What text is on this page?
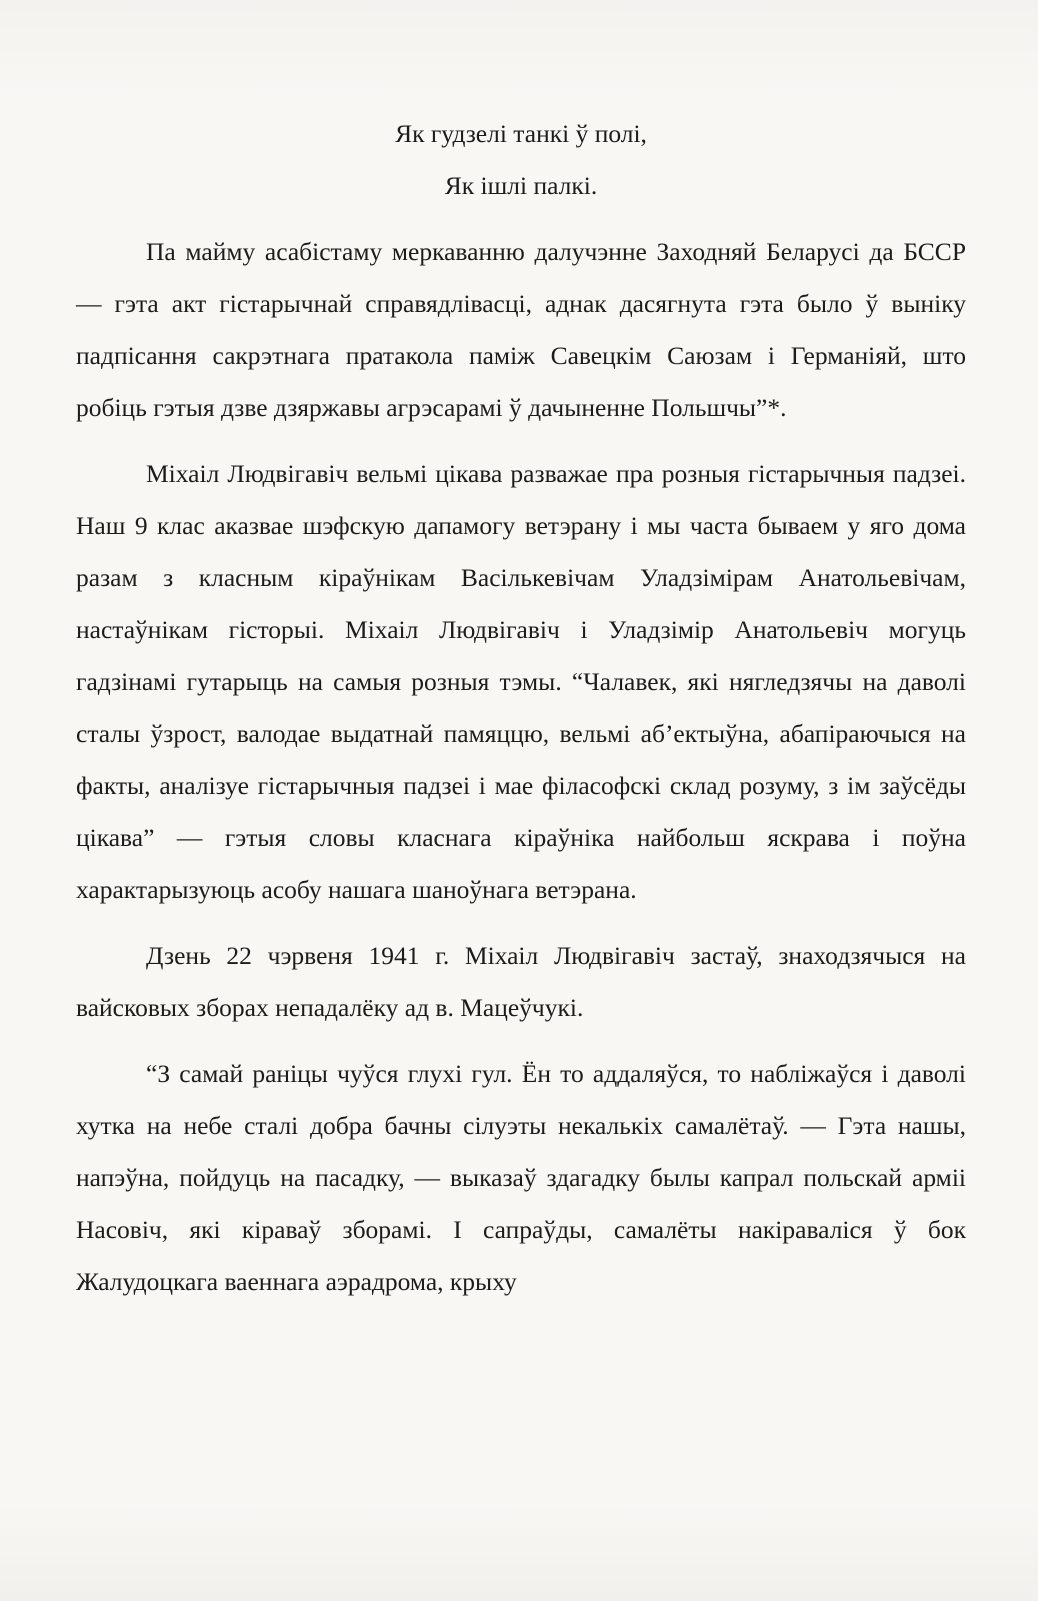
Як гудзелі танкі ў полі,

Як ішлі палкі.

Па майму асабістаму меркаванню далучэнне Заходняй Беларусі да БССР — гэта акт гістарычнай справядлівасці, аднак дасягнута гэта было ў выніку падпісання сакрэтнага пратакола паміж Савецкім Саюзам і Германіяй, што робіць гэтыя дзве дзяржавы агрэсарамі ў дачыненне Польшчы”*.

Міхаіл Людвігавіч вельмі цікава разважае пра розныя гістарычныя падзеі. Наш 9 клас аказвае шэфскую дапамогу ветэрану і мы часта бываем у яго дома разам з класным кіраўнікам Васількевічам Уладзімірам Анатольевічам, настаўнікам гісторыі. Міхаіл Людвігавіч і Уладзімір Анатольевіч могуць гадзінамі гутарыць на самыя розныя тэмы. “Чалавек, які нягледзячы на даволі сталы ўзрост, валодае выдатнай памяццю, вельмі аб’ектыўна, абапіраючыся на факты, аналізуе гістарычныя падзеі і мае філасофскі склад розуму, з ім заўсёды цікава” — гэтыя словы класнага кіраўніка найбольш яскрава і поўна характарызуюць асобу нашага шаноўнага ветэрана.

Дзень 22 чэрвеня 1941 г. Міхаіл Людвігавіч застаў, знаходзячыся на вайсковых зборах непадалёку ад в. Мацеўчукі.

“З самай раніцы чуўся глухі гул. Ён то аддаляўся, то набліжаўся і даволі хутка на небе сталі добра бачны сілуэты некалькіх самалётаў. — Гэта нашы, напэўна, пойдуць на пасадку, — выказаў здагадку былы капрал польскай арміі Насовіч, які кіраваў зборамі. І сапраўды, самалёты накіраваліся ў бок Жалудоцкага ваеннага аэрадрома, крыху
